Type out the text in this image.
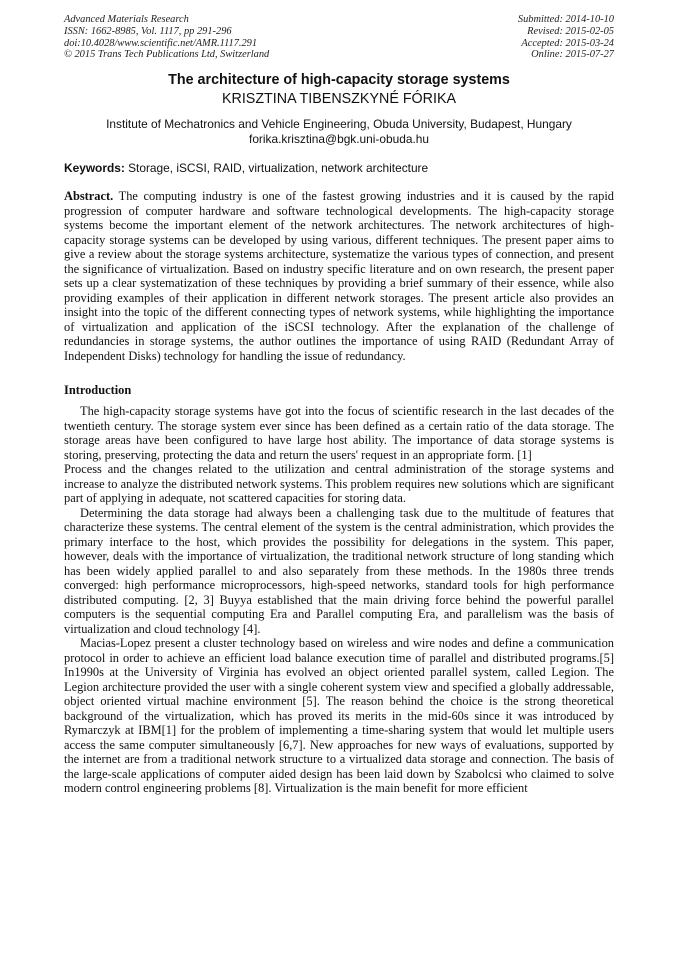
Advanced Materials Research
ISSN: 1662-8985, Vol. 1117, pp 291-296
doi:10.4028/www.scientific.net/AMR.1117.291
© 2015 Trans Tech Publications Ltd, Switzerland
Submitted: 2014-10-10
Revised: 2015-02-05
Accepted: 2015-03-24
Online: 2015-07-27
The architecture of high-capacity storage systems
KRISZTINA TIBENSZKYNÉ FÓRIKA
Institute of Mechatronics and Vehicle Engineering, Obuda University, Budapest, Hungary
forika.krisztina@bgk.uni-obuda.hu
Keywords: Storage, iSCSI, RAID, virtualization, network architecture
Abstract. The computing industry is one of the fastest growing industries and it is caused by the rapid progression of computer hardware and software technological developments. The high-capacity storage systems become the important element of the network architectures. The network architectures of high-capacity storage systems can be developed by using various, different techniques. The present paper aims to give a review about the storage systems architecture, systematize the various types of connection, and present the significance of virtualization. Based on industry specific literature and on own research, the present paper sets up a clear systematization of these techniques by providing a brief summary of their essence, while also providing examples of their application in different network storages. The present article also provides an insight into the topic of the different connecting types of network systems, while highlighting the importance of virtualization and application of the iSCSI technology. After the explanation of the challenge of redundancies in storage systems, the author outlines the importance of using RAID (Redundant Array of Independent Disks) technology for handling the issue of redundancy.
Introduction
The high-capacity storage systems have got into the focus of scientific research in the last decades of the twentieth century. The storage system ever since has been defined as a certain ratio of the data storage. The storage areas have been configured to have large host ability. The importance of data storage systems is storing, preserving, protecting the data and return the users' request in an appropriate form. [1]
Process and the changes related to the utilization and central administration of the storage systems and increase to analyze the distributed network systems. This problem requires new solutions which are significant part of applying in adequate, not scattered capacities for storing data.
Determining the data storage had always been a challenging task due to the multitude of features that characterize these systems. The central element of the system is the central administration, which provides the primary interface to the host, which provides the possibility for delegations in the system. This paper, however, deals with the importance of virtualization, the traditional network structure of long standing which has been widely applied parallel to and also separately from these methods. In the 1980s three trends converged: high performance microprocessors, high-speed networks, standard tools for high performance distributed computing. [2, 3] Buyya established that the main driving force behind the powerful parallel computers is the sequential computing Era and Parallel computing Era, and parallelism was the basis of virtualization and cloud technology [4].
Macias-Lopez present a cluster technology based on wireless and wire nodes and define a communication protocol in order to achieve an efficient load balance execution time of parallel and distributed programs.[5] In1990s at the University of Virginia has evolved an object oriented parallel system, called Legion. The Legion architecture provided the user with a single coherent system view and specified a globally addressable, object oriented virtual machine environment [5]. The reason behind the choice is the strong theoretical background of the virtualization, which has proved its merits in the mid-60s since it was introduced by Rymarczyk at IBM[1] for the problem of implementing a time-sharing system that would let multiple users access the same computer simultaneously [6,7]. New approaches for new ways of evaluations, supported by the internet are from a traditional network structure to a virtualized data storage and connection. The basis of the large-scale applications of computer aided design has been laid down by Szabolcsi who claimed to solve modern control engineering problems [8]. Virtualization is the main benefit for more efficient
